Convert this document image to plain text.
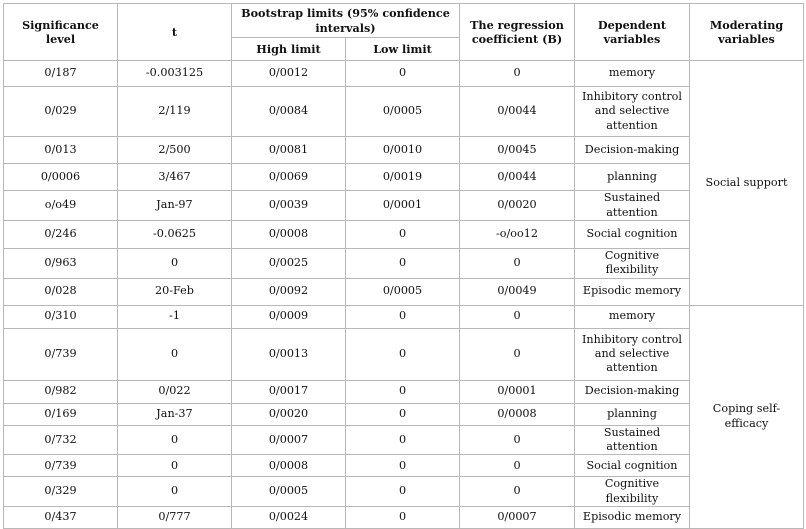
Significance level	t	Bootstrap limits (95% confidence intervals)		The regression coefficient (B)	Dependent variables	Moderating variables
		High limit	Low limit			
0/187	-0.003125	0/0012	0	0	memory	Social support
0/029	2/119	0/0084	0/0005	0/0044	Inhibitory control and selective attention	
0/013	2/500	0/0081	0/0010	0/0045	Decision-making	
0/0006	3/467	0/0069	0/0019	0/0044	planning	
o/o49	Jan-97	0/0039	0/0001	0/0020	Sustained attention	
0/246	-0.0625	0/0008	0	-o/oo12	Social cognition	
0/963	0	0/0025	0	0	Cognitive flexibility	
0/028	20-Feb	0/0092	0/0005	0/0049	Episodic memory	
0/310	-1	0/0009	0	0	memory	Coping self-efficacy
0/739	0	0/0013	0	0	Inhibitory control and selective attention	
0/982	0/022	0/0017	0	0/0001	Decision-making	
0/169	Jan-37	0/0020	0	0/0008	planning	
0/732	0	0/0007	0	0	Sustained attention	
0/739	0	0/0008	0	0	Social cognition	
0/329	0	0/0005	0	0	Cognitive flexibility	
0/437	0/777	0/0024	0	0/0007	Episodic memory	
